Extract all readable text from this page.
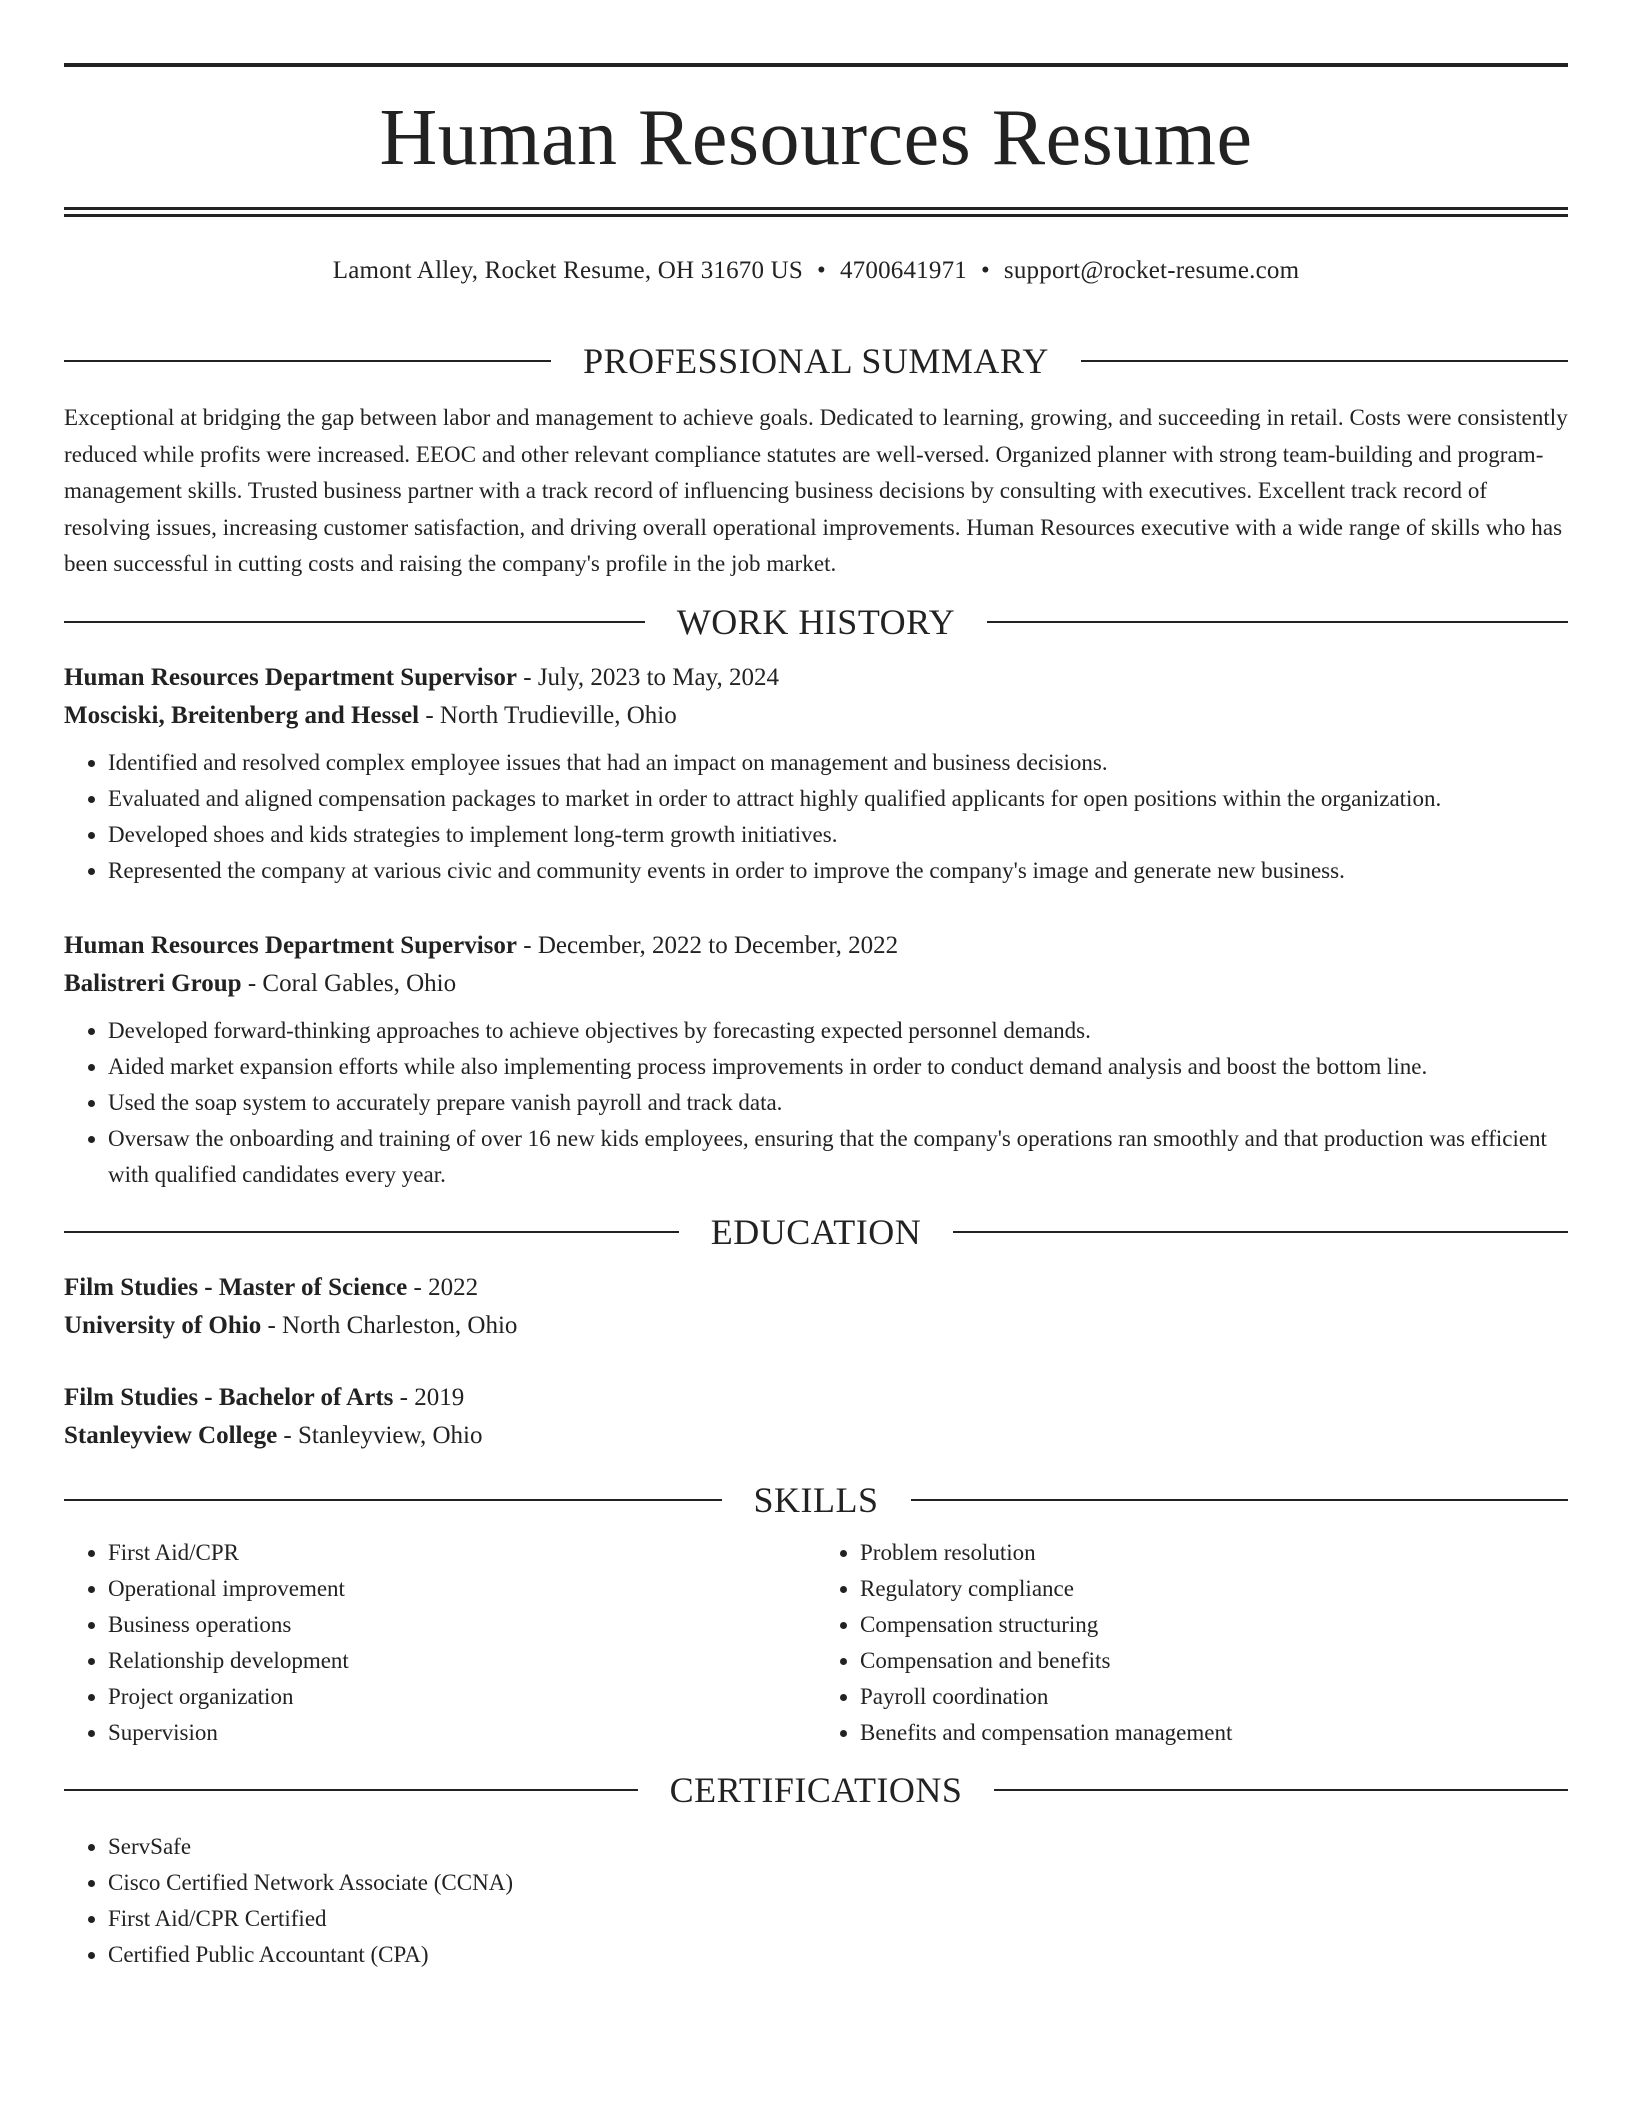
Human Resources Resume
Lamont Alley, Rocket Resume, OH 31670 US • 4700641971 • support@rocket-resume.com
PROFESSIONAL SUMMARY

Exceptional at bridging the gap between labor and management to achieve goals. Dedicated to learning, growing, and succeeding in retail. Costs were consistently reduced while profits were increased. EEOC and other relevant compliance statutes are well-versed. Organized planner with strong team-building and program-management skills. Trusted business partner with a track record of influencing business decisions by consulting with executives. Excellent track record of resolving issues, increasing customer satisfaction, and driving overall operational improvements. Human Resources executive with a wide range of skills who has been successful in cutting costs and raising the company's profile in the job market.

WORK HISTORY
Human Resources Department Supervisor - July, 2023 to May, 2024
Mosciski, Breitenberg and Hessel - North Trudieville, Ohio
• Identified and resolved complex employee issues that had an impact on management and business decisions.
• Evaluated and aligned compensation packages to market in order to attract highly qualified applicants for open positions within the organization.
• Developed shoes and kids strategies to implement long-term growth initiatives.
• Represented the company at various civic and community events in order to improve the company's image and generate new business.
Human Resources Department Supervisor - December, 2022 to December, 2022
Balistreri Group - Coral Gables, Ohio
• Developed forward-thinking approaches to achieve objectives by forecasting expected personnel demands.
• Aided market expansion efforts while also implementing process improvements in order to conduct demand analysis and boost the bottom line.
• Used the soap system to accurately prepare vanish payroll and track data.
• Oversaw the onboarding and training of over 16 new kids employees, ensuring that the company's operations ran smoothly and that production was efficient with qualified candidates every year.
EDUCATION
Film Studies - Master of Science - 2022
University of Ohio - North Charleston, Ohio
Film Studies - Bachelor of Arts - 2019
Stanleyview College - Stanleyview, Ohio
SKILLS
• First Aid/CPR
• Operational improvement
• Business operations
• Relationship development
• Project organization
• Supervision
• Problem resolution
• Regulatory compliance
• Compensation structuring
• Compensation and benefits
• Payroll coordination
• Benefits and compensation management
CERTIFICATIONS
• ServSafe
• Cisco Certified Network Associate (CCNA)
• First Aid/CPR Certified
• Certified Public Accountant (CPA)
